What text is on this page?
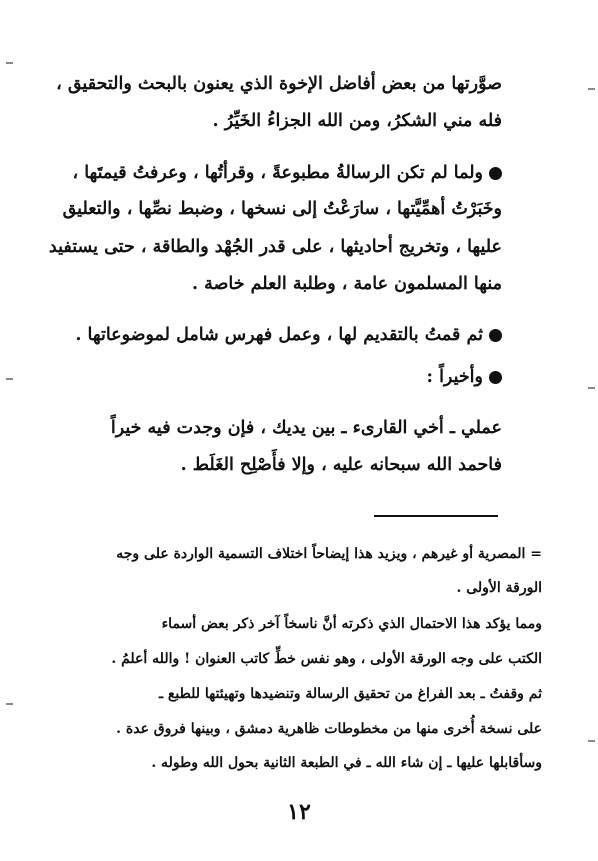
صوَّرتها من بعض أفاضل الإخوة الذي يعنون بالبحث والتحقيق ،
فله مني الشكرُ، ومن الله الجزاءُ الخَيِّرُ .
ولما لم تكن الرسالةُ مطبوعةً ، وقرأتُها ، وعرفتُ قيمتَها ،
وخَبَرْتُ أهمِّيَّتها ، سارَعْتُ إلى نسخها ، وضبط نصِّها ، والتعليق
عليها ، وتخريج أحاديثها ، على قدر الجُهْد والطاقة ، حتى يستفيد
منها المسلمون عامة ، وطلبة العلم خاصة .
ثم قمتُ بالتقديم لها ، وعمل فهرس شامل لموضوعاتها .
وأخيراً :
عملي ـ أخي القارىء ـ بين يديك ، فإن وجدت فيه خيراً
فاحمد الله سبحانه عليه ، وإلا فأَصْلِح الغَلَط .
= المصرية أو غيرهم ، ويزيد هذا إيضاحاً اختلاف التسمية الواردة على وجه
الورقة الأولى .
ومما يؤكد هذا الاحتمال الذي ذكرته أنَّ ناسخاً آخر ذكر بعض أسماء
الكتب على وجه الورقة الأولى ، وهو نفس خطِّ كاتب العنوان ! والله أعلمُ .
ثم وقفتُ ـ بعد الفراغ من تحقيق الرسالة وتنضيدها وتهيئتها للطبع ـ
على نسخة أُخرى منها من مخطوطات ظاهرية دمشق ، وبينها فروق عدة .
وسأقابلها عليها ـ إن شاء الله ـ في الطبعة الثانية بحول الله وطوله .
١٢
